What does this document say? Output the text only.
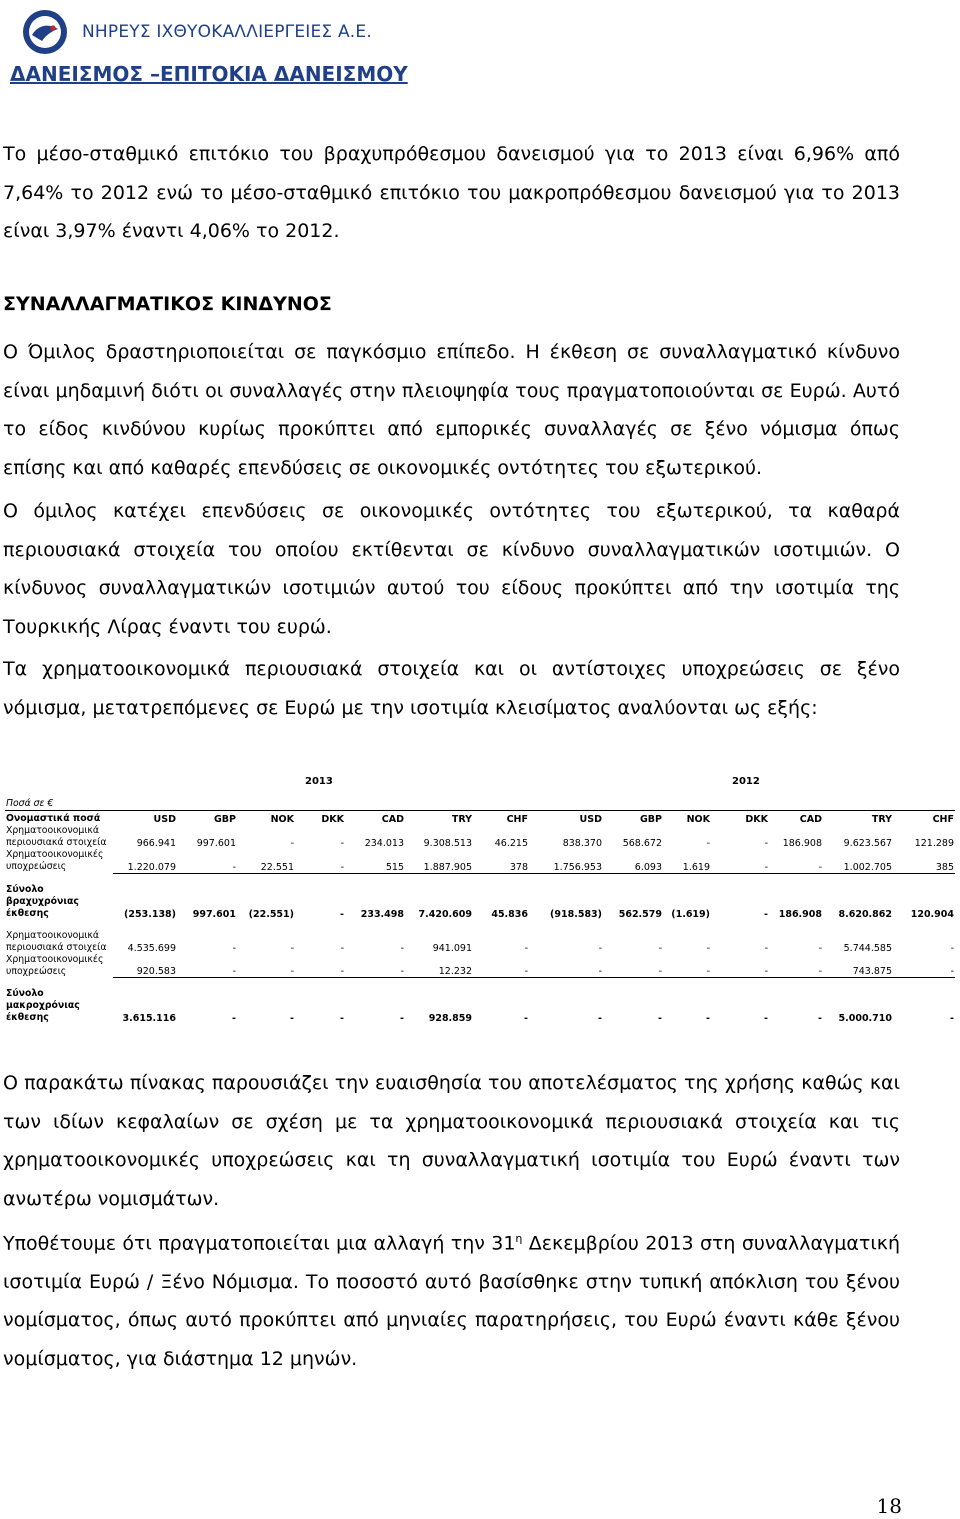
ΝΗΡΕΥΣ ΙΧΘΥΟΚΑΛΛΙΕΡΓΕΙΕΣ Α.Ε.
ΔΑΝΕΙΣΜΟΣ –ΕΠΙΤΟΚΙΑ ΔΑΝΕΙΣΜΟΥ

Το μέσο-σταθμικό επιτόκιο του βραχυπρόθεσμου δανεισμού για το 2013 είναι 6,96% από 7,64% το 2012 ενώ το μέσο-σταθμικό επιτόκιο του μακροπρόθεσμου δανεισμού για το 2013 είναι 3,97% έναντι 4,06% το 2012.

ΣΥΝΑΛΛΑΓΜΑΤΙΚΟΣ ΚΙΝΔΥΝΟΣ

Ο Όμιλος δραστηριοποιείται σε παγκόσμιο επίπεδο. Η έκθεση σε συναλλαγματικό κίνδυνο είναι μηδαμινή διότι οι συναλλαγές στην πλειοψηφία τους πραγματοποιούνται σε Ευρώ. Αυτό το είδος κινδύνου κυρίως προκύπτει από εμπορικές συναλλαγές σε ξένο νόμισμα όπως επίσης και από καθαρές επενδύσεις σε οικονομικές οντότητες του εξωτερικού.

Ο όμιλος κατέχει επενδύσεις σε οικονομικές οντότητες του εξωτερικού, τα καθαρά περιουσιακά στοιχεία του οποίου εκτίθενται σε κίνδυνο συναλλαγματικών ισοτιμιών. Ο κίνδυνος συναλλαγματικών ισοτιμιών αυτού του είδους προκύπτει από την ισοτιμία της Τουρκικής Λίρας έναντι του ευρώ.

Τα χρηματοοικονομικά περιουσιακά στοιχεία και οι αντίστοιχες υποχρεώσεις σε ξένο νόμισμα, μετατρεπόμενες σε Ευρώ με την ισοτιμία κλεισίματος αναλύονται ως εξής:

2013	2012
Ποσά σε €														
Ονομαστικά ποσά	USD	GBP	NOK	DKK	CAD	TRY	CHF	USD	GBP	NOK	DKK	CAD	TRY	CHF
Χρηματοοικονομικά περιουσιακά στοιχεία	966.941	997.601	-	-	234.013	9.308.513	46.215	838.370	568.672	-	-	186.908	9.623.567	121.289
Χρηματοοικονομικές υποχρεώσεις	1.220.079	-	22.551	-	515	1.887.905	378	1.756.953	6.093	1.619	-	-	1.002.705	385

Σύνολο βραχυχρόνιας έκθεσης	(253.138)	997.601	(22.551)	-	233.498	7.420.609	45.836	(918.583)	562.579	(1.619)	-	186.908	8.620.862	120.904

Χρηματοοικονομικά περιουσιακά στοιχεία	4.535.699	-	-	-	-	941.091	-	-	-	-	-	-	5.744.585	-
Χρηματοοικονομικές υποχρεώσεις	920.583	-	-	-	-	12.232	-	-	-	-	-	-	743.875	-

Σύνολο μακροχρόνιας έκθεσης	3.615.116	-	-	-	-	928.859	-	-	-	-	-	-	5.000.710	-

Ο παρακάτω πίνακας παρουσιάζει την ευαισθησία του αποτελέσματος της χρήσης καθώς και των ιδίων κεφαλαίων σε σχέση με τα χρηματοοικονομικά περιουσιακά στοιχεία και τις χρηματοοικονομικές υποχρεώσεις και τη συναλλαγματική ισοτιμία του Ευρώ έναντι των ανωτέρω νομισμάτων.

Υποθέτουμε ότι πραγματοποιείται μια αλλαγή την $31^\eta$ Δεκεμβρίου 2013 στη συναλλαγματική ισοτιμία Ευρώ / Ξένο Νόμισμα. Το ποσοστό αυτό βασίσθηκε στην τυπική απόκλιση του ξένου νομίσματος, όπως αυτό προκύπτει από μηνιαίες παρατηρήσεις, του Ευρώ έναντι κάθε ξένου νομίσματος, για διάστημα 12 μηνών.

18
